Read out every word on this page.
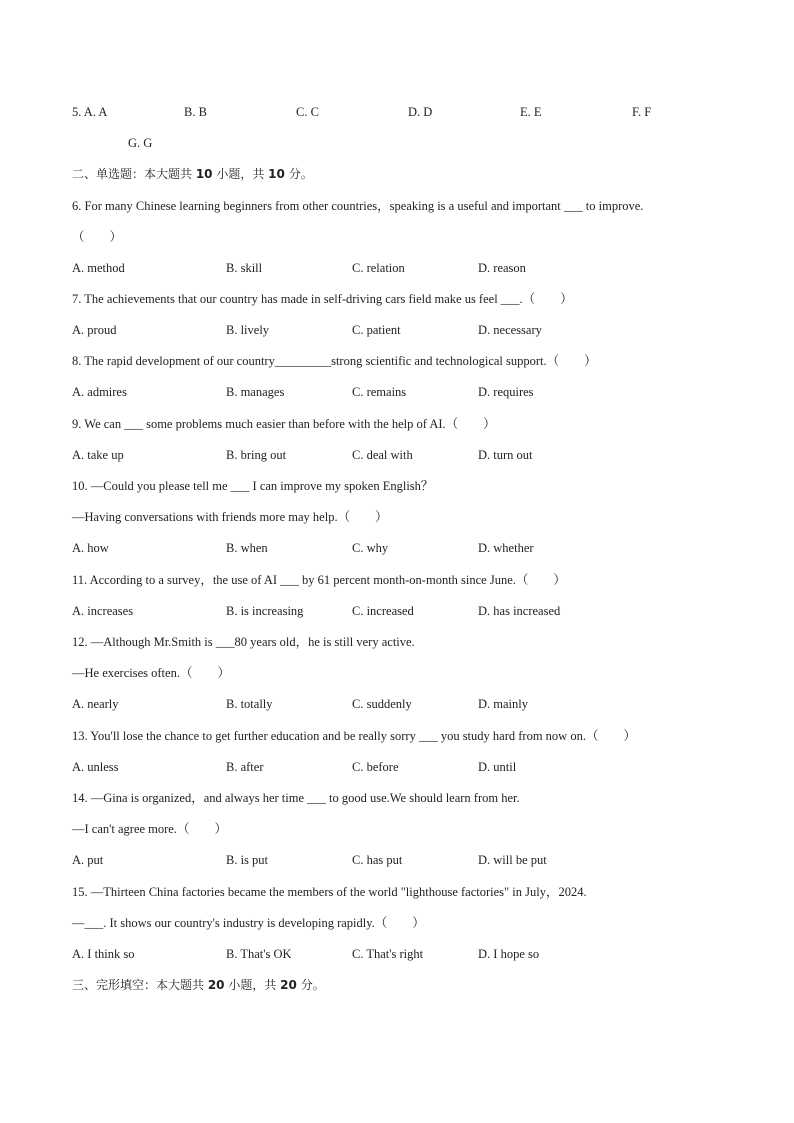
5. A. A	B. B	C. C	D. D	E. E	F. F
G. G
二、单选题：本大题共 10 小题，共 10 分。
6. For many Chinese learning beginners from other countries，speaking is a useful and important ___ to improve.
（　　）
A. method	B. skill	C. relation	D. reason
7. The achievements that our country has made in self-driving cars field make us feel ___.（　　）
A. proud	B. lively	C. patient	D. necessary
8. The rapid development of our country_________strong scientific and technological support.（　　）
A. admires	B. manages	C. remains	D. requires
9. We can ___ some problems much easier than before with the help of AI.（　　）
A. take up	B. bring out	C. deal with	D. turn out
10. —Could you please tell me ___ I can improve my spoken English？
—Having conversations with friends more may help.（　　）
A. how	B. when	C. why	D. whether
11. According to a survey，the use of AI ___ by 61 percent month-on-month since June.（　　）
A. increases	B. is increasing	C. increased	D. has increased
12. —Although Mr.Smith is ___80 years old，he is still very active.
—He exercises often.（　　）
A. nearly	B. totally	C. suddenly	D. mainly
13. You'll lose the chance to get further education and be really sorry ___ you study hard from now on.（　　）
A. unless	B. after	C. before	D. until
14. —Gina is organized，and always her time ___ to good use.We should learn from her.
—I can't agree more.（　　）
A. put	B. is put	C. has put	D. will be put
15. —Thirteen China factories became the members of the world "lighthouse factories" in July，2024.
—___. It shows our country's industry is developing rapidly.（　　）
A. I think so	B. That's OK	C. That's right	D. I hope so
三、完形填空：本大题共 20 小题，共 20 分。
